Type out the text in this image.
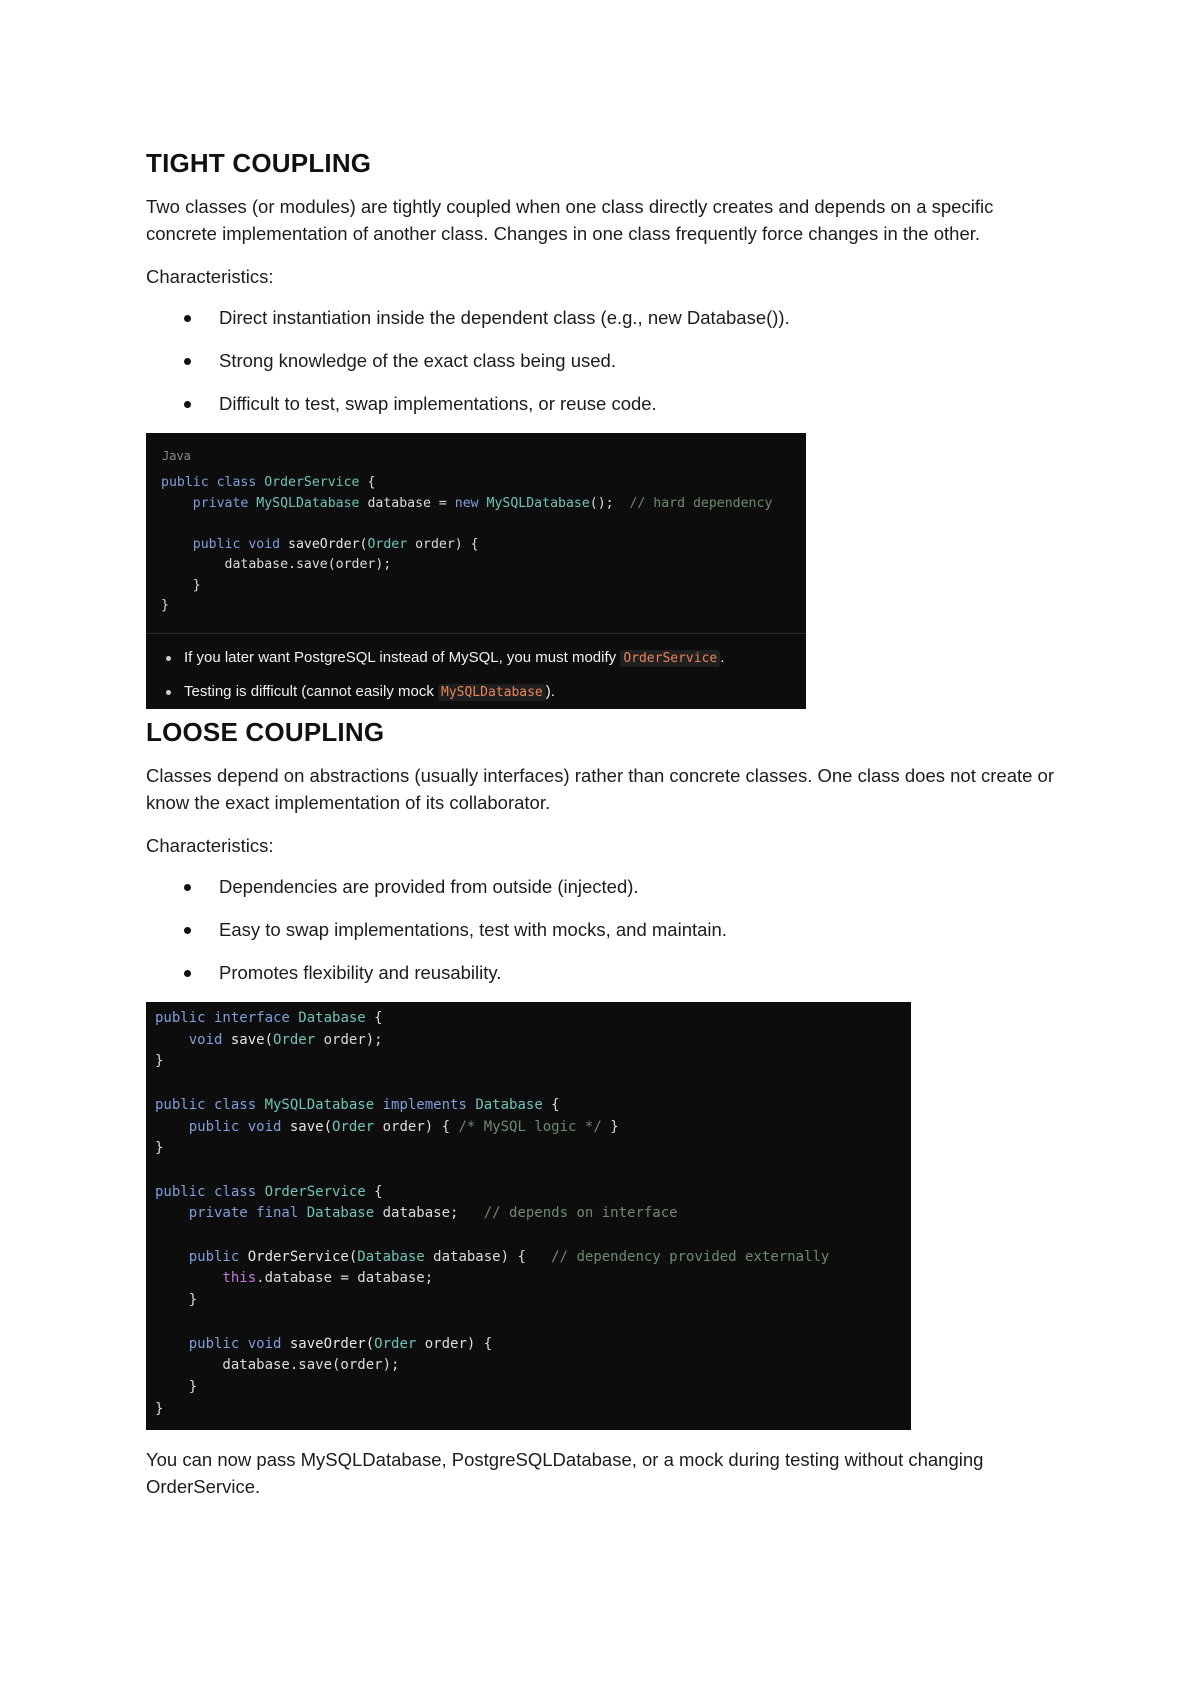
TIGHT COUPLING

Two classes (or modules) are tightly coupled when one class directly creates and depends on a specific concrete implementation of another class. Changes in one class frequently force changes in the other.

Characteristics:

Direct instantiation inside the dependent class (e.g., new Database()).
Strong knowledge of the exact class being used.
Difficult to test, swap implementations, or reuse code.
Java
public class OrderService {
private MySQLDatabase database = new MySQLDatabase();  // hard dependency

public void saveOrder(Order order) {
database.save(order);
}
}
If you later want PostgreSQL instead of MySQL, you must modify OrderService .
Testing is difficult (cannot easily mock MySQLDatabase ).
LOOSE COUPLING

Classes depend on abstractions (usually interfaces) rather than concrete classes. One class does not create or know the exact implementation of its collaborator.

Characteristics:

Dependencies are provided from outside (injected).
Easy to swap implementations, test with mocks, and maintain.
Promotes flexibility and reusability.
public interface Database {
void save(Order order);
}

public class MySQLDatabase implements Database {
public void save(Order order) { /* MySQL logic */ }
}

public class OrderService {
private final Database database;   // depends on interface

public OrderService(Database database) {   // dependency provided externally
this.database = database;
}

public void saveOrder(Order order) {
database.save(order);
}
}

You can now pass MySQLDatabase, PostgreSQLDatabase, or a mock during testing without changing OrderService.
